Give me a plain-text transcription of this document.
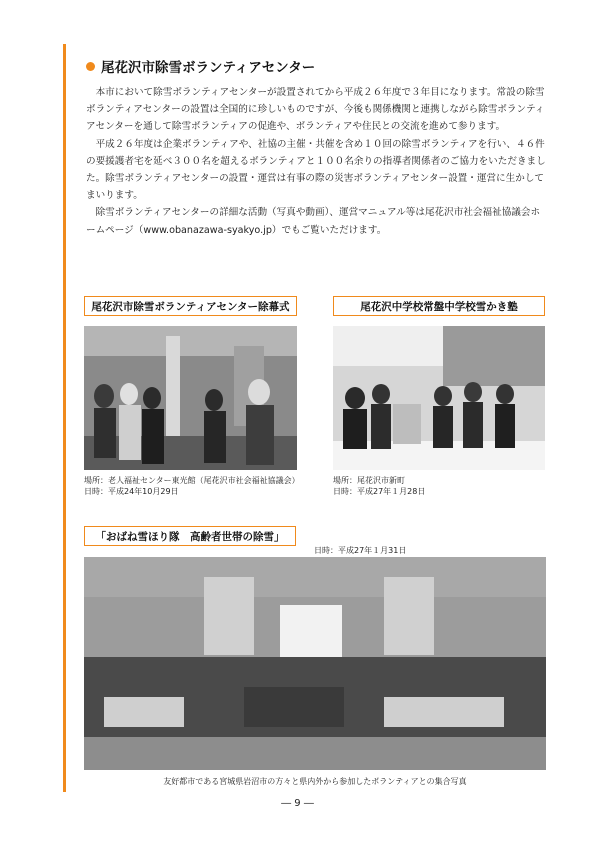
尾花沢市除雪ボランティアセンター

本市において除雪ボランティアセンターが設置されてから平成２６年度で３年目になります。常設の除雪ボランティアセンターの設置は全国的に珍しいものですが、今後も関係機関と連携しながら除雪ボランティアセンターを通して除雪ボランティアの促進や、ボランティアや住民との交流を進めて参ります。

平成２６年度は企業ボランティアや、社協の主催・共催を含め１０回の除雪ボランティアを行い、４６件の要援護者宅を延べ３００名を超えるボランティアと１００名余りの指導者関係者のご協力をいただきました。除雪ボランティアセンターの設置・運営は有事の際の災害ボランティアセンター設置・運営に生かしてまいります。

除雪ボランティアセンターの詳細な活動（写真や動画）、運営マニュアル等は尾花沢市社会福祉協議会ホームページ（www.obanazawa-syakyo.jp）でもご覧いただけます。

尾花沢市除雪ボランティアセンター除幕式
場所：老人福祉センター東光館（尾花沢市社会福祉協議会）
日時：平成24年10月29日
尾花沢中学校常盤中学校雪かき塾
場所：尾花沢市新町
日時：平成27年１月28日
「おばね雪ほり隊　高齢者世帯の除雪」
日時：平成27年１月31日
友好都市である宮城県岩沼市の方々と県内外から参加したボランティアとの集合写真
― 9 ―
